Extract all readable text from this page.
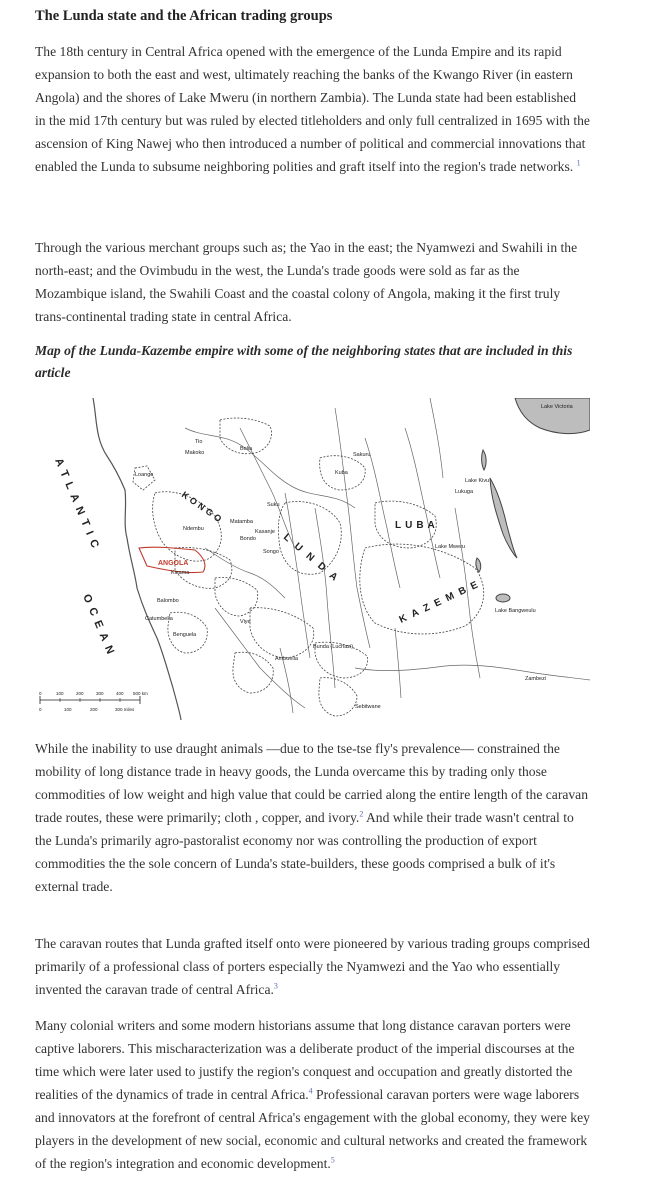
The Lunda state and the African trading groups

The 18th century in Central Africa opened with the emergence of the Lunda Empire and its rapid expansion to both the east and west, ultimately reaching the banks of the Kwango River (in eastern Angola) and the shores of Lake Mweru (in northern Zambia). The Lunda state had been established in the mid 17th century but was ruled by elected titleholders and only full centralized in 1695 with the ascension of King Nawej who then introduced a number of political and commercial innovations that enabled the Lunda to subsume neighboring polities and graft itself into the region's trade networks. $^1$

Through the various merchant groups such as; the Yao in the east; the Nyamwezi and Swahili in the north-east; and the Ovimbudu in the west, the Lunda's trade goods were sold as far as the Mozambique island, the Swahili Coast and the coastal colony of Angola, making it the first truly trans-continental trading state in central Africa.

Map of the Lunda-Kazembe empire with some of the neighboring states that are included in this article
ATLANTIC
OCEAN
KONGO
LUNDA
LUBA
KAZEMBE
ANGOLA
Bolia
Tio
Makoko
Loango	Kuba
Sakuru
Lukuga
Lake Victoria
Lake Kivu
Lake Mweru
Lake Bangweulu
Matamba
Kasanje
Suku
Bondo
Songo
Ndembu
Bunda (Luchazi)
Ambuella
Sebitwane
Zambezi
Benguela
Catumbella
Balombo
Kisama
Viye
0	100	200	300	400 500 km
0	100	200	300 miles

While the inability to use draught animals —due to the tse-tse fly's prevalence— constrained the mobility of long distance trade in heavy goods, the Lunda overcame this by trading only those commodities of low weight and high value that could be carried along the entire length of the caravan trade routes, these were primarily; cloth , copper, and ivory.$^2$ And while their trade wasn't central to the Lunda's primarily agro-pastoralist economy nor was controlling the production of export commodities the the sole concern of Lunda's state-builders, these goods comprised a bulk of it's external trade.

The caravan routes that Lunda grafted itself onto were pioneered by various trading groups comprised primarily of a professional class of porters especially the Nyamwezi and the Yao who essentially invented the caravan trade of central Africa.$^3$

Many colonial writers and some modern historians assume that long distance caravan porters were captive laborers. This mischaracterization was a deliberate product of the imperial discourses at the time which were later used to justify the region's conquest and occupation and greatly distorted the realities of the dynamics of trade in central Africa.$^4$ Professional caravan porters were wage laborers and innovators at the forefront of central Africa's engagement with the global economy, they were key players in the development of new social, economic and cultural networks and created the framework of the region's integration and economic development.$^5$
